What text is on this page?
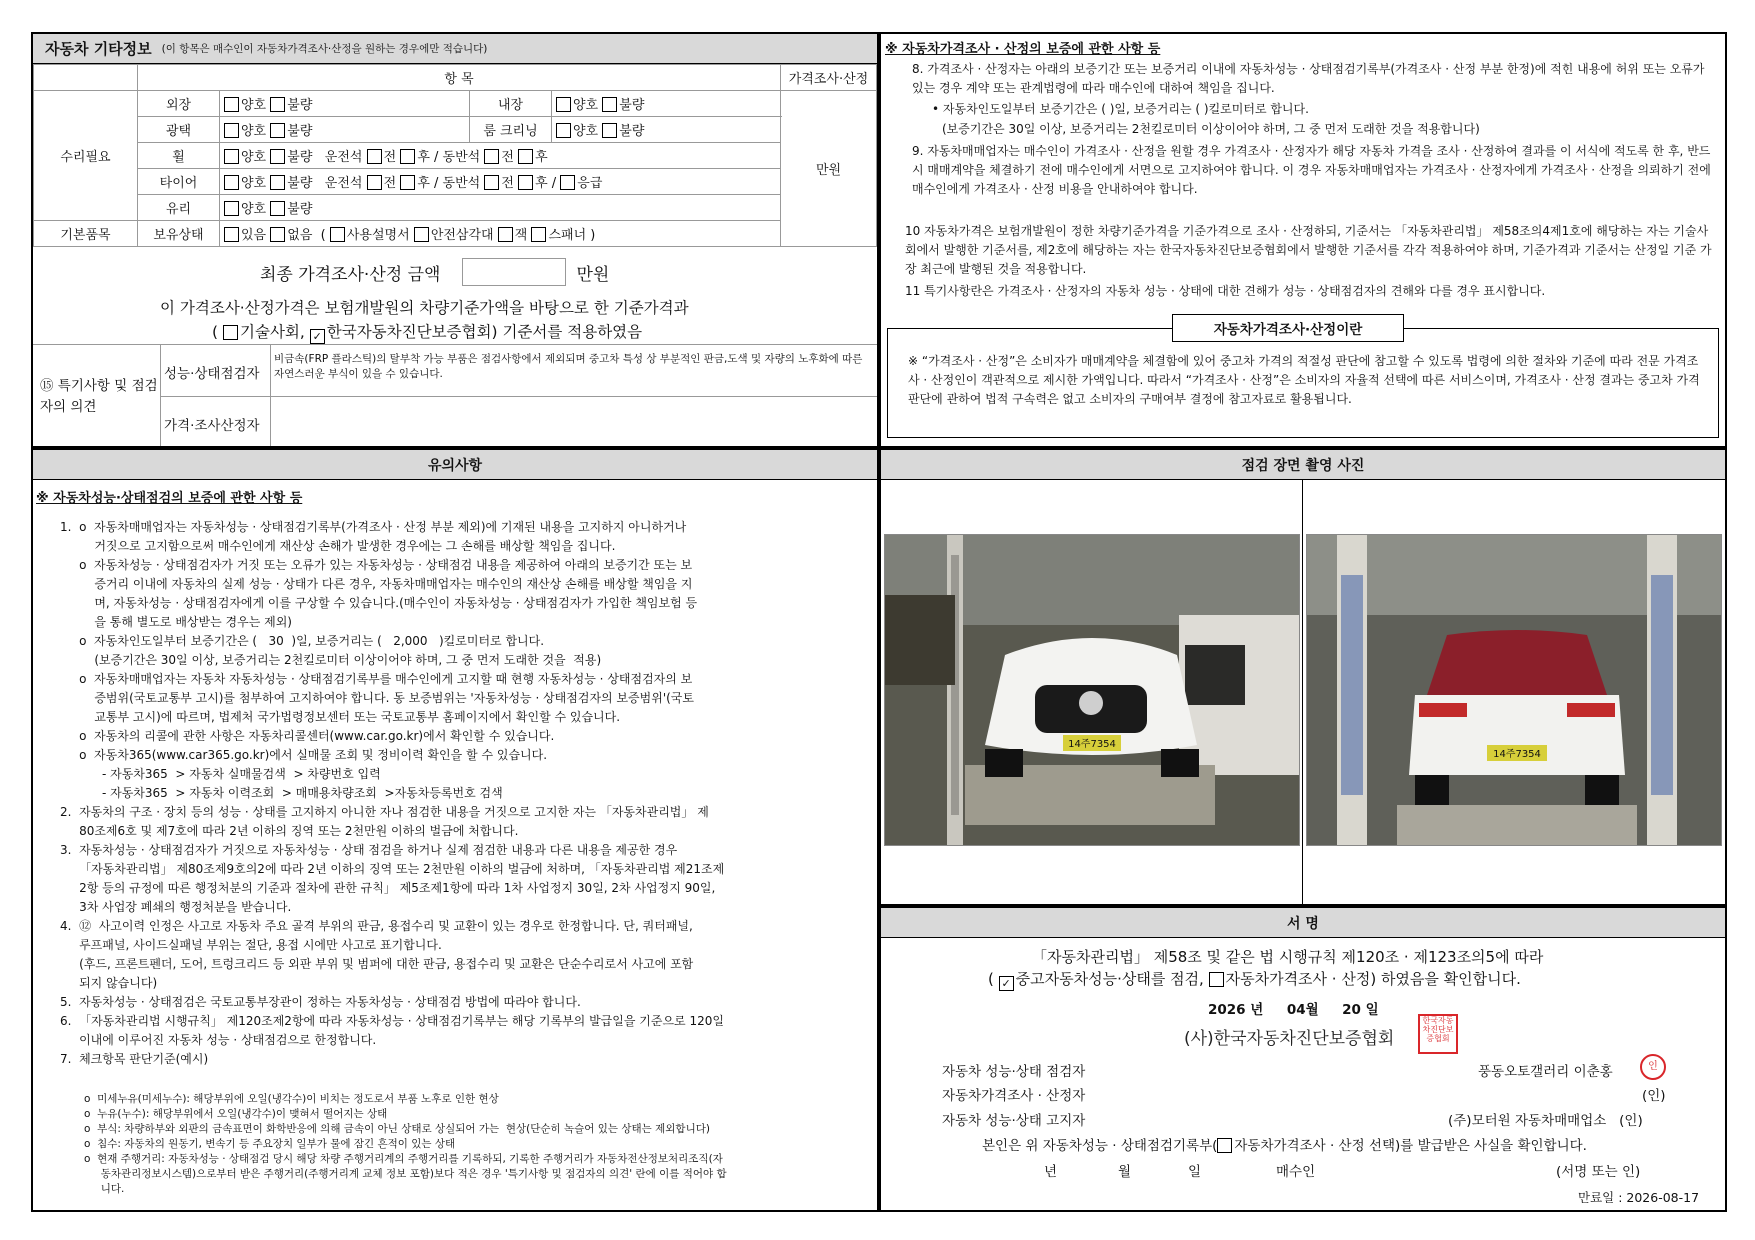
자동차 기타정보 (이 항목은 매수인이 자동차가격조사·산정을 원하는 경우에만 적습니다)
	항 목				가격조사·산정
수리필요	외장	양호 불량	내장	양호 불량	만원
	광택	양호 불량	룸 크리닝	양호 불량	
	휠	양호 불량 운전석 전 후 / 동반석 전 후			
	타이어	양호 불량 운전석 전 후 / 동반석 전 후 / 응급			
	유리	양호 불량			
기본품목	보유상태	있음 없음 ( 사용설명서 안전삼각대 잭 스패너 )			
최종 가격조사·산정 금액	만원
이 가격조사·산정가격은 보험개발원의 차량기준가액을 바탕으로 한 기준가격과
( 기술사회, ✓ 한국자동차진단보증협회) 기준서를 적용하였음
⑮ 특기사항 및 점검자의 의견
성능·상태점검자
비금속(FRP 플라스틱)의 탈부착 가능 부품은 점검사항에서 제외되며 중고차 특성 상 부분적인 판금,도색 및 자량의 노후화에 따른 자연스러운 부식이 있을 수 있습니다.
가격·조사산정자
※ 자동차가격조사 · 산정의 보증에 관한 사항 등
8. 가격조사 · 산정자는 아래의 보증기간 또는 보증거리 이내에 자동차성능 · 상태점검기록부(가격조사 · 산정 부분 한정)에 적힌 내용에 허위 또는 오류가 있는 경우 계약 또는 관계법령에 따라 매수인에 대하여 책임을 집니다.
• 자동차인도일부터 보증기간은 ( )일, 보증거리는 ( )킬로미터로 합니다.
(보증기간은 30일 이상, 보증거리는 2천킬로미터 이상이어야 하며, 그 중 먼저 도래한 것을 적용합니다)
9. 자동차매매업자는 매수인이 가격조사 · 산정을 원할 경우 가격조사 · 산정자가 해당 자동차 가격을 조사 · 산정하여 결과를 이 서식에 적도록 한 후, 반드시 매매계약을 체결하기 전에 매수인에게 서면으로 고지하여야 합니다. 이 경우 자동차매매업자는 가격조사 · 산정자에게 가격조사 · 산정을 의뢰하기 전에 매수인에게 가격조사 · 산정 비용을 안내하여야 합니다.
10 자동차가격은 보험개발원이 정한 차량기준가격을 기준가격으로 조사 · 산정하되, 기준서는 「자동차관리법」 제58조의4제1호에 해당하는 자는 기술사회에서 발행한 기준서를, 제2호에 해당하는 자는 한국자동차진단보증협회에서 발행한 기준서를 각각 적용하여야 하며, 기준가격과 기준서는 산정일 기준 가장 최근에 발행된 것을 적용합니다.
11 특기사항란은 가격조사 · 산정자의 자동차 성능 · 상태에 대한 견해가 성능 · 상태점검자의 견해와 다를 경우 표시합니다.
자동차가격조사·산정이란
※ “가격조사 · 산정”은 소비자가 매매계약을 체결함에 있어 중고차 가격의 적절성 판단에 참고할 수 있도록 법령에 의한 절차와 기준에 따라 전문 가격조사 · 산정인이 객관적으로 제시한 가액입니다. 따라서 “가격조사 · 산정”은 소비자의 자율적 선택에 따른 서비스이며, 가격조사 · 산정 결과는 중고차 가격판단에 관하여 법적 구속력은 없고 소비자의 구매여부 결정에 참고자료로 활용됩니다.
유의사항
※ 자동차성능·상태점검의 보증에 관한 사항 등
1.  ο  자동차매매업자는 자동차성능 · 상태점검기록부(가격조사 · 산정 부분 제외)에 기재된 내용을 고지하지 아니하거나
거짓으로 고지함으로써 매수인에게 재산상 손해가 발생한 경우에는 그 손해를 배상할 책임을 집니다.
ο  자동차성능 · 상태점검자가 거짓 또는 오류가 있는 자동차성능 · 상태점검 내용을 제공하여 아래의 보증기간 또는 보
증거리 이내에 자동차의 실제 성능 · 상태가 다른 경우, 자동차매매업자는 매수인의 재산상 손해를 배상할 책임을 지
며, 자동차성능 · 상태점검자에게 이를 구상할 수 있습니다.(매수인이 자동차성능 · 상태점검자가 가입한 책임보험 등
을 통해 별도로 배상받는 경우는 제외)
ο  자동차인도일부터 보증기간은 (   30  )일, 보증거리는 (   2,000   )킬로미터로 합니다.
(보증기간은 30일 이상, 보증거리는 2천킬로미터 이상이어야 하며, 그 중 먼저 도래한 것을  적용)
ο  자동차매매업자는 자동차 자동차성능 · 상태점검기록부를 매수인에게 고지할 때 현행 자동차성능 · 상태점검자의 보
증범위(국토교통부 고시)를 첨부하여 고지하여야 합니다. 동 보증범위는 '자동차성능 · 상태점검자의 보증범위'(국토
교통부 고시)에 따르며, 법제처 국가법령정보센터 또는 국토교통부 홈페이지에서 확인할 수 있습니다.
ο  자동차의 리콜에 관한 사항은 자동차리콜센터(www.car.go.kr)에서 확인할 수 있습니다.
ο  자동차365(www.car365.go.kr)에서 실매물 조회 및 정비이력 확인을 할 수 있습니다.
- 자동차365  > 자동차 실매물검색  > 차량번호 입력
- 자동차365  > 자동차 이력조회  > 매매용차량조회  >자동차등록번호 검색
2.  자동차의 구조 · 장치 등의 성능 · 상태를 고지하지 아니한 자나 점검한 내용을 거짓으로 고지한 자는 「자동차관리법」 제
80조제6호 및 제7호에 따라 2년 이하의 징역 또는 2천만원 이하의 벌금에 처합니다.
3.  자동차성능 · 상태점검자가 거짓으로 자동차성능 · 상태 점검을 하거나 실제 점검한 내용과 다른 내용을 제공한 경우
「자동차관리법」 제80조제9호의2에 따라 2년 이하의 징역 또는 2천만원 이하의 벌금에 처하며, 「자동차관리법 제21조제
2항 등의 규정에 따른 행정처분의 기준과 절차에 관한 규칙」 제5조제1항에 따라 1차 사업정지 30일, 2차 사업정지 90일,
3차 사업장 폐쇄의 행정처분을 받습니다.
4.  ⑫  사고이력 인정은 사고로 자동차 주요 골격 부위의 판금, 용접수리 및 교환이 있는 경우로 한정합니다. 단, 쿼터패널,
루프패널, 사이드실패널 부위는 절단, 용접 시에만 사고로 표기합니다.
(후드, 프론트펜더, 도어, 트렁크리드 등 외판 부위 및 범퍼에 대한 판금, 용접수리 및 교환은 단순수리로서 사고에 포함
되지 않습니다)
5.  자동차성능 · 상태점검은 국토교통부장관이 정하는 자동차성능 · 상태점검 방법에 따라야 합니다.
6.  「자동차관리법 시행규칙」 제120조제2항에 따라 자동차성능 · 상태점검기록부는 해당 기록부의 발급일을 기준으로 120일
이내에 이루어진 자동차 성능 · 상태점검으로 한정합니다.
7.  체크항목 판단기준(예시)
ο  미세누유(미세누수): 해당부위에 오일(냉각수)이 비치는 정도로서 부품 노후로 인한 현상
ο  누유(누수): 해당부위에서 오일(냉각수)이 맺혀서 떨어지는 상태
ο  부식: 차량하부와 외판의 금속표면이 화학반응에 의해 금속이 아닌 상태로 상실되어 가는  현상(단순히 녹슬어 있는 상태는 제외합니다)
ο  침수: 자동차의 원동기, 변속기 등 주요장치 일부가 물에 잠긴 흔적이 있는 상태
ο  현재 주행거리: 자동차성능 · 상태점검 당시 해당 차량 주행거리계의 주행거리를 기록하되, 기록한 주행거리가 자동차전산정보처리조직(자
동차관리정보시스템)으로부터 받은 주행거리(주행거리계 교체 정보 포함)보다 적은 경우 '특기사항 및 점검자의 의견' 란에 이를 적어야 합
니다.
점검 장면 촬영 사진
14주7354
14주7354
서 명
「자동차관리법」 제58조 및 같은 법 시행규칙 제120조 · 제123조의5에 따라
( ✓ 중고자동차성능·상태를 점검, 자동차가격조사 · 산정) 하였음을 확인합니다.
2026 년     04월     20 일
(사)한국자동차진단보증협회
한국자동차진단보증협회
자동차 성능·상태 점검자	풍동오토갤러리 이춘홍	인
자동차가격조사 · 산정자	(인)
자동차 성능·상태 고지자	(주)모터원 자동차매매업소   (인)
본인은 위 자동차성능 · 상태점검기록부( 자동차가격조사 · 산정 선택)를 발급받은 사실을 확인합니다.
년	월	일	매수인	(서명 또는 인)
만료일 : 2026-08-17
